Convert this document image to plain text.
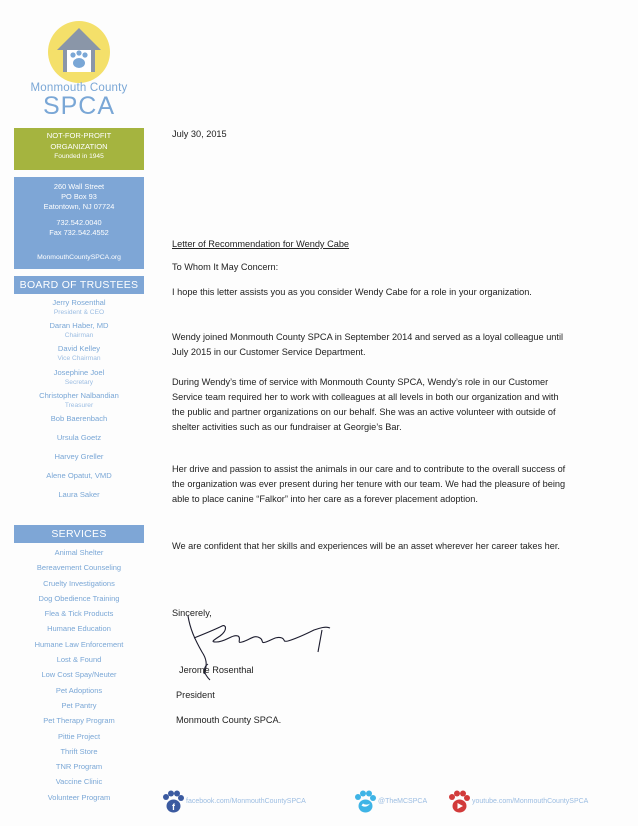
Monmouth County
SPCA
NOT-FOR-PROFIT
ORGANIZATION
Founded in 1945
260 Wall Street
PO Box 93
Eatontown, NJ 07724
732.542.0040
Fax 732.542.4552
MonmouthCountySPCA.org
BOARD OF TRUSTEES
Jerry Rosenthal
President & CEO
Daran Haber, MD
Chairman
David Kelley
Vice Chairman
Josephine Joel
Secretary
Christopher Nalbandian
Treasurer
Bob Baerenbach
Ursula Goetz
Harvey Greller
Alene Opatut, VMD
Laura Saker
SERVICES
Animal Shelter
Bereavement Counseling
Cruelty Investigations
Dog Obedience Training
Flea & Tick Products
Humane Education
Humane Law Enforcement
Lost & Found
Low Cost Spay/Neuter
Pet Adoptions
Pet Pantry
Pet Therapy Program
Pittie Project
Thrift Store
TNR Program
Vaccine Clinic
Volunteer Program
July 30, 2015
Letter of Recommendation for Wendy Cabe
To Whom It May Concern:
I hope this letter assists you as you consider Wendy Cabe for a role in your organization.
Wendy joined Monmouth County SPCA in September 2014 and served as a loyal colleague until July 2015 in our Customer Service Department.
During Wendy’s time of service with Monmouth County SPCA, Wendy’s role in our Customer Service team required her to work with colleagues at all levels in both our organization and with the public and partner organizations on our behalf. She was an active volunteer with outside of shelter activities such as our fundraiser at Georgie’s Bar.
Her drive and passion to assist the animals in our care and to contribute to the overall success of the organization was ever present during her tenure with our team. We had the pleasure of being able to place canine “Falkor” into her care as a forever placement adoption.
We are confident that her skills and experiences will be an asset wherever her career takes her.
Sincerely,
Jerome Rosenthal
President
Monmouth County SPCA.
f
facebook.com/MonmouthCountySPCA	@TheMCSPCA	youtube.com/MonmouthCountySPCA
